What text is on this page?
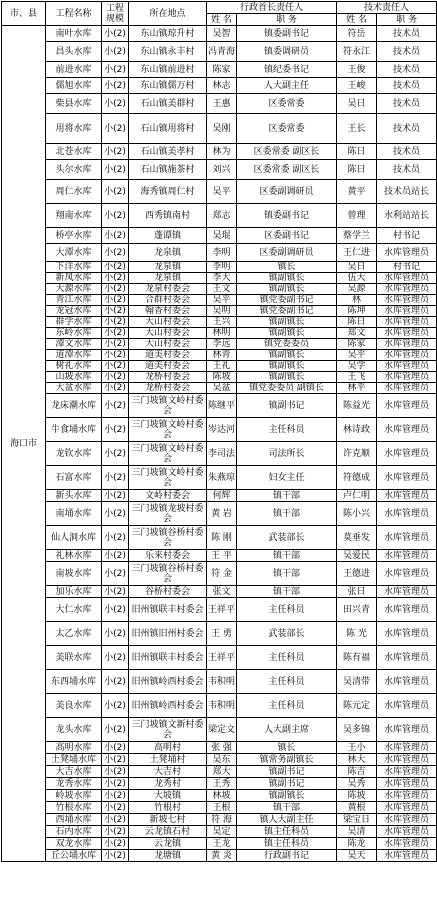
市、县	工程名称	工程规模	所在地点	行政首长责任人		技术责任人	
				姓 名	职 务	姓 名	职 务
海口市	南叶水库	小(2)	东山镇琼升村	吴智	镇委副书记	符岳	技术员
	昌头水库	小(2)	东山镇永丰村	冯青海	镇委调研员	符永江	技术员
	前进水库	小(2)	东山镇前进村	陈家	镇纪委书记	王俊	技术员
	儒旭水库	小(2)	东山镇儒万村	林志	人大副主任	王峻	技术员
	柴县水库	小(2)	石山镇美群村	王惠	区委常委	吴日	技术员
	用将水库	小(2)	石山镇用将村	吴刚	区委常委	王长	技术员
	北苍水库	小(2)	石山镇美孝村	林为	区委常委 副区长	陈日	技术员
	头尔水库	小(2)	石山镇施茶村	刘兴	区委常委 副区长	陈日	技术员
	周仁水库	小(2)	海秀镇周仁村	吴平	区委副调研员	黄平	技术员站长
	翔南水库	小(2)	西秀镇南村	郑志	镇委副书记	曾理	水利站站长
	桥亭水库	小(2)	蓬谭镇	吴琨	区委副书记	蔡学兰	村书记
	大潭水库	小(2)	龙泉镇	李明	区委副调研员	王仁进	水库管理员
	下洋水库	小(2)	龙泉镇	李明	镇长	吴日	村书记
	新凤水库	小(2)	龙泉镇	李大	镇副镇长	伍大	水库管理员
	大源水库	小(2)	龙泉村委会	王文	镇副镇长	吴源	水库管理员
	青江水库	小(2)	合群村委会	吴平	镇党委副书记	林	水库管理员
	龙冠水库	小(2)	翰香村委会	吴明	镇党委副书记	陈坤	水库管理员
	群学水库	小(2)	大山村委会	王兴	镇副镇长	陈日	水库管理员
	东岭水库	小(2)	大山村委会	林明	镇副镇长	郑文	水库管理员
	潭文水库	小(2)	大山村委会	李远	镇党委委员	陈家	水库管理员
	道潭水库	小(2)	道美村委会	林青	镇副镇长	吴平	水库管理员
	树礼水库	小(2)	道美村委会	王礼	镇副镇长	吴学	水库管理员
	山坡水库	小(2)	龙桥村委会	陈坡	镇副镇长	王飞	水库管理员
	大盆水库	小(2)	龙桥村委会	吴盆	镇党委委员 副镇长	林平	水库管理员
	龙床潮水库	小(2)	三门坡镇文岭村委会	陈继平	镇副书记	陈益光	水库管理员
	牛食埇水库	小(2)	三门坡镇文岭村委会	岑达河	主任科员	林诗政	水库管理员
	龙钦水库	小(2)	三门坡镇文岭村委会	李司法	司法所长	许克顺	水库管理员
	石富水库	小(2)	三门坡镇文岭村委会	朱燕琼	妇女主任	符德成	水库管理员
	新头水库	小(2)	文岭村委会	何辉	镇干部	卢仁明	水库管理员
	南埇水库	小(2)	三门坡镇龙坡村委会	黄 岩	镇干部	陈小兴	水库管理员
	仙人洞水库	小(2)	三门坡镇谷桥村委会	陈 刚	武装部长	莫垂发	水库管理员
	礼林水库	小(2)	乐来村委会	王 平	镇干部	吴爱民	水库管理员
	南坡水库	小(2)	三门坡镇谷桥村委会	符 金	镇干部	王德进	水库管理员
	加乐水库	小(2)	谷桥村委会	张文	镇干部	张日	水库管理员
	大仁水库	小(2)	旧州镇联丰村委会	王祥平	主任科员	田兴青	水库管理员
	太乙水库	小(2)	旧州镇旧州村委会	王 勇	武装部长	陈 光	水库管理员
	美联水库	小(2)	旧州镇联丰村委会	王祥平	主任科员	陈有福	水库管理员
	东西埇水库	小(2)	旧州镇岭西村委会	韦积明	主任科员	吴清带	水库管理员
	美良水库	小(2)	旧州镇岭西村委会	韦积明	主任科员	陈元定	水库管理员
	龙头水库	小(2)	三门坡镇文新村委会	梁定文	人大副主席	吴多锦	水库管理员
	高明水库	小(2)	高明村	张 强	镇长	王小	水库管理员
	土凳埇水库	小(2)	土凳埇村	吴东	镇常务副镇长	林大	水库管理员
	大吉水库	小(2)	大吉村	郑大	镇副书记	陈吉	水库管理员
	龙秀水库	小(2)	龙秀村	王秀	镇副书记	吴秀	水库管理员
	岭坡水库	小(2)	大坡镇	林坡	镇副镇长	陈坡	水库管理员
	竹根水库	小(2)	竹根村	王根	镇干部	黄根	水库管理员
	西埇水库	小(2)	新坡七村	符 海	镇人大副主任	梁宝日	水库管理员
	石内水库	小(2)	云龙镇石村	吴定	镇主任科员	吴清	水库管理员
	双龙水库	小(2)	云龙镇	王龙	镇主任科员	陈龙	水库管理员
	丘公埇水库	小(2)	龙塘镇	黄 炎	行政副书记	吴天	水库管理员
